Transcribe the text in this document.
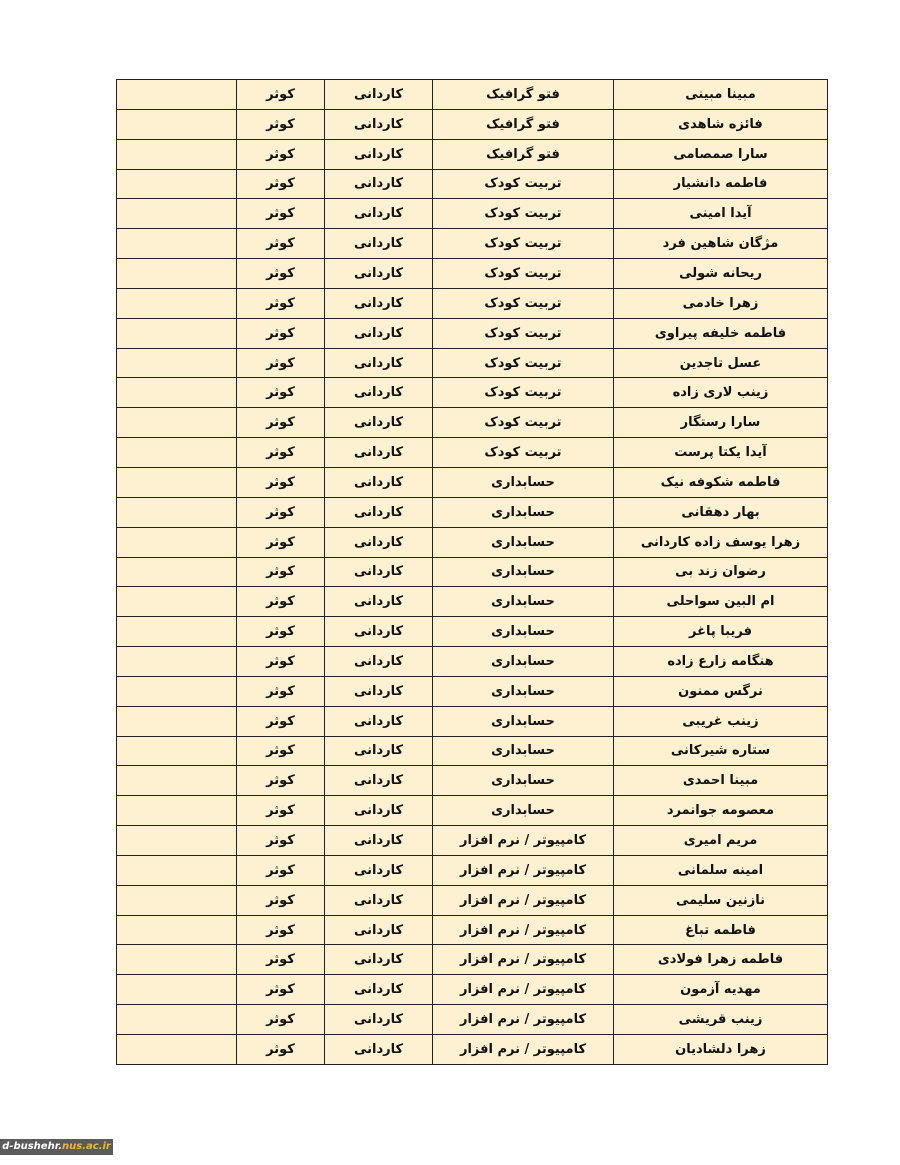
	کوثر	کاردانی	فتو گرافیک	مبینا مبینی
	کوثر	کاردانی	فتو گرافیک	فائزه شاهدی
	کوثر	کاردانی	فتو گرافیک	سارا صمصامی
	کوثر	کاردانی	تربیت کودک	فاطمه دانشیار
	کوثر	کاردانی	تربیت کودک	آیدا امینی
	کوثر	کاردانی	تربیت کودک	مژگان شاهین فرد
	کوثر	کاردانی	تربیت کودک	ریحانه شولی
	کوثر	کاردانی	تربیت کودک	زهرا خادمی
	کوثر	کاردانی	تربیت کودک	فاطمه خلیفه پیراوی
	کوثر	کاردانی	تربیت کودک	عسل تاجدین
	کوثر	کاردانی	تربیت کودک	زینب لاری زاده
	کوثر	کاردانی	تربیت کودک	سارا رستگار
	کوثر	کاردانی	تربیت کودک	آیدا یکتا پرست
	کوثر	کاردانی	حسابداری	فاطمه شکوفه نیک
	کوثر	کاردانی	حسابداری	بهار دهقانی
	کوثر	کاردانی	حسابداری	زهرا یوسف زاده کاردانی
	کوثر	کاردانی	حسابداری	رضوان زند بی
	کوثر	کاردانی	حسابداری	ام البین سواحلی
	کوثر	کاردانی	حسابداری	فریبا پاغر
	کوثر	کاردانی	حسابداری	هنگامه زارع زاده
	کوثر	کاردانی	حسابداری	نرگس ممنون
	کوثر	کاردانی	حسابداری	زینب غریبی
	کوثر	کاردانی	حسابداری	ستاره شیرکانی
	کوثر	کاردانی	حسابداری	مبینا احمدی
	کوثر	کاردانی	حسابداری	معصومه جوانمرد
	کوثر	کاردانی	کامپیوتر / نرم افزار	مریم امیری
	کوثر	کاردانی	کامپیوتر / نرم افزار	امینه سلمانی
	کوثر	کاردانی	کامپیوتر / نرم افزار	نازنین سلیمی
	کوثر	کاردانی	کامپیوتر / نرم افزار	فاطمه تباغ
	کوثر	کاردانی	کامپیوتر / نرم افزار	فاطمه زهرا فولادی
	کوثر	کاردانی	کامپیوتر / نرم افزار	مهدیه آزمون
	کوثر	کاردانی	کامپیوتر / نرم افزار	زینب قریشی
	کوثر	کاردانی	کامپیوتر / نرم افزار	زهرا دلشادیان
d-bushehr.nus.ac.ir
